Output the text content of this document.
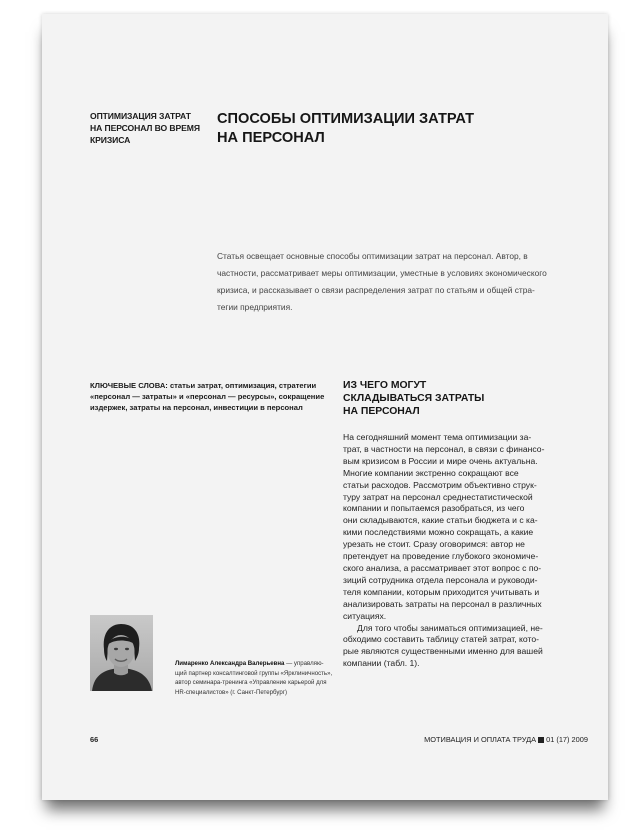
ОПТИМИЗАЦИЯ ЗАТРАТ
НА ПЕРСОНАЛ ВО ВРЕМЯ
КРИЗИСА
СПОСОБЫ ОПТИМИЗАЦИИ ЗАТРАТ
НА ПЕРСОНАЛ
Статья освещает основные способы оптимизации затрат на персонал. Автор, в
частности, рассматривает меры оптимизации, уместные в условиях экономического
кризиса, и рассказывает о связи распределения затрат по статьям и общей стра-
тегии предприятия.
КЛЮЧЕВЫЕ СЛОВА: статьи затрат, оптимизация, стратегии
«персонал — затраты» и «персонал — ресурсы», сокращение
издержек, затраты на персонал, инвестиции в персонал
ИЗ ЧЕГО МОГУТ
СКЛАДЫВАТЬСЯ ЗАТРАТЫ
НА ПЕРСОНАЛ
На сегодняшний момент тема оптимизации за-
трат, в частности на персонал, в связи с финансо-
вым кризисом в России и мире очень актуальна.
Многие компании экстренно сокращают все
статьи расходов. Рассмотрим объективно струк-
туру затрат на персонал среднестатистической
компании и попытаемся разобраться, из чего
они складываются, какие статьи бюджета и с ка-
кими последствиями можно сокращать, а какие
урезать не стоит. Сразу оговоримся: автор не
претендует на проведение глубокого экономиче-
ского анализа, а рассматривает этот вопрос с по-
зиций сотрудника отдела персонала и руководи-
теля компании, которым приходится учитывать и
анализировать затраты на персонал в различных
ситуациях.
Для того чтобы заниматься оптимизацией, не-
обходимо составить таблицу статей затрат, кото-
рые являются существенными именно для вашей
компании (табл. 1).
Лимаренко Александра Валерьевна — управляю-
щий партнер консалтинговой группы «Ярклиничность»,
автор семинара-тренинга «Управление карьерой для
HR-специалистов» (г. Санкт-Петербург)
66	МОТИВАЦИЯ И ОПЛАТА ТРУДА 01 (17) 2009
